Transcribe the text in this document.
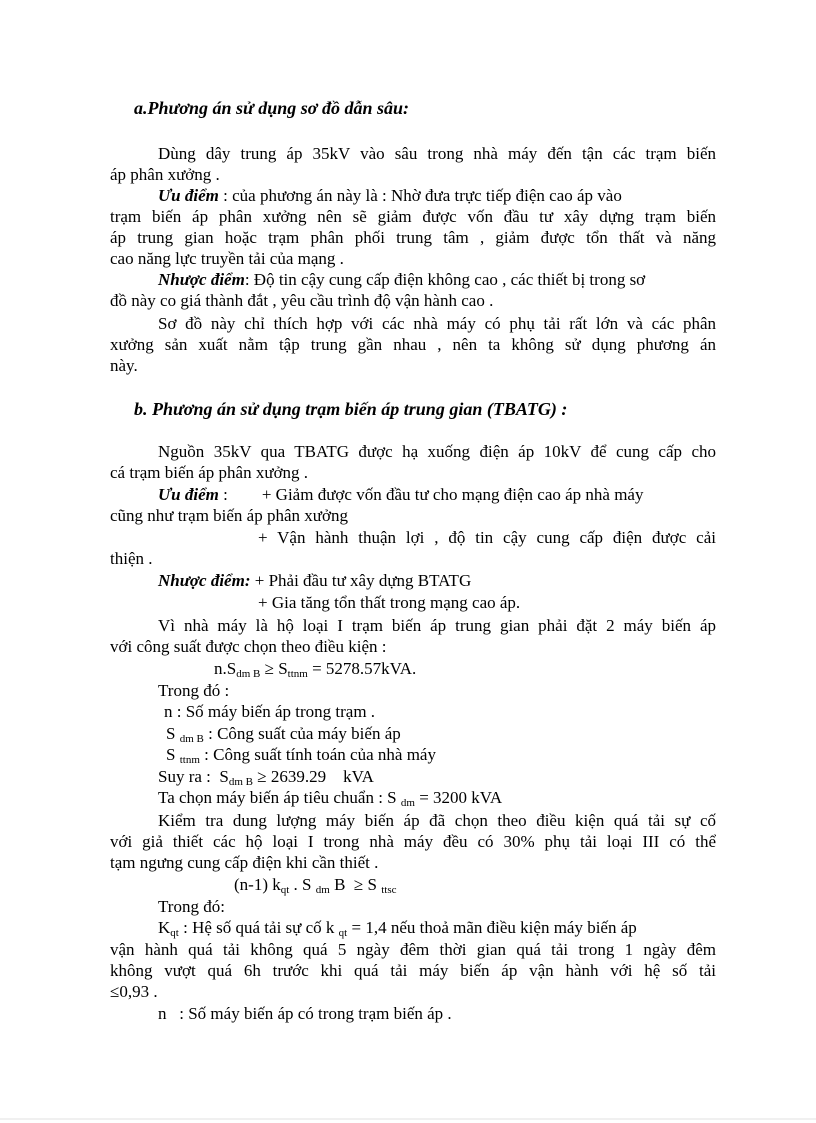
a.Phương án sử dụng sơ đồ dẫn sâu:
Dùng dây trung áp 35kV vào sâu trong nhà máy đến tận các trạm biến
áp phân xưởng .
Ưu điểm : của phương án này là : Nhờ đưa trực tiếp điện cao áp vào
trạm biến áp phân xưởng nên sẽ giảm được vốn đầu tư xây dựng trạm biến
áp trung gian hoặc trạm phân phối trung tâm , giảm được tổn thất và năng
cao năng lực truyền tải của mạng .
Nhược điểm: Độ tin cậy cung cấp điện không cao , các thiết bị trong sơ
đồ này co giá thành đắt , yêu cầu trình độ vận hành cao .
Sơ đồ này chỉ thích hợp với các nhà máy có phụ tải rất lớn và các phân
xưởng sản xuất nằm tập trung gần nhau , nên ta không sử dụng phương án
này.
b. Phương án sử dụng trạm biến áp trung gian (TBATG) :
Nguồn 35kV qua TBATG được hạ xuống điện áp 10kV để cung cấp cho
cá trạm biến áp phân xưởng .
Ưu điểm :        + Giảm được vốn đầu tư cho mạng điện cao áp nhà máy
cũng như trạm biến áp phân xưởng
+ Vận hành thuận lợi , độ tin cậy cung cấp điện được cải
thiện .
Nhược điểm: + Phải đầu tư xây dựng BTATG
+ Gia tăng tổn thất trong mạng cao áp.
Vì nhà máy là hộ loại I trạm biến áp trung gian phải đặt 2 máy biến áp
với công suất được chọn theo điều kiện :
$n.S_{dm B} \ge S_{ttnm} = 5278.57kVA$.
Trong đó :
n : Số máy biến áp trong trạm .
S $_{dm B}$ : Công suất của máy biến áp
S $_{ttnm}$ : Công suất tính toán của nhà máy
Suy ra :  $S_{dm B} \ge 2639.29$    kVA
Ta chọn máy biến áp tiêu chuẩn : S $_{dm}$ = 3200 kVA
Kiểm tra dung lượng máy biến áp đã chọn theo điều kiện quá tải sự cố
với giả thiết các hộ loại I trong nhà máy đều có 30% phụ tải loại III có thể
tạm ngưng cung cấp điện khi cần thiết .
(n-1) $k_{qt}$ . S $_{dm}$ B  ≥ S $_{ttsc}$
Trong đó:
$K_{qt}$ : Hệ số quá tải sự cố k $_{qt}$ = 1,4 nếu thoả mãn điều kiện máy biến áp
vận hành quá tải không quá 5 ngày đêm thời gian quá tải trong 1 ngày đêm
không vượt quá 6h trước khi quá tải máy biến áp vận hành với hệ số tải
≤0,93 .
n   : Số máy biến áp có trong trạm biến áp .
